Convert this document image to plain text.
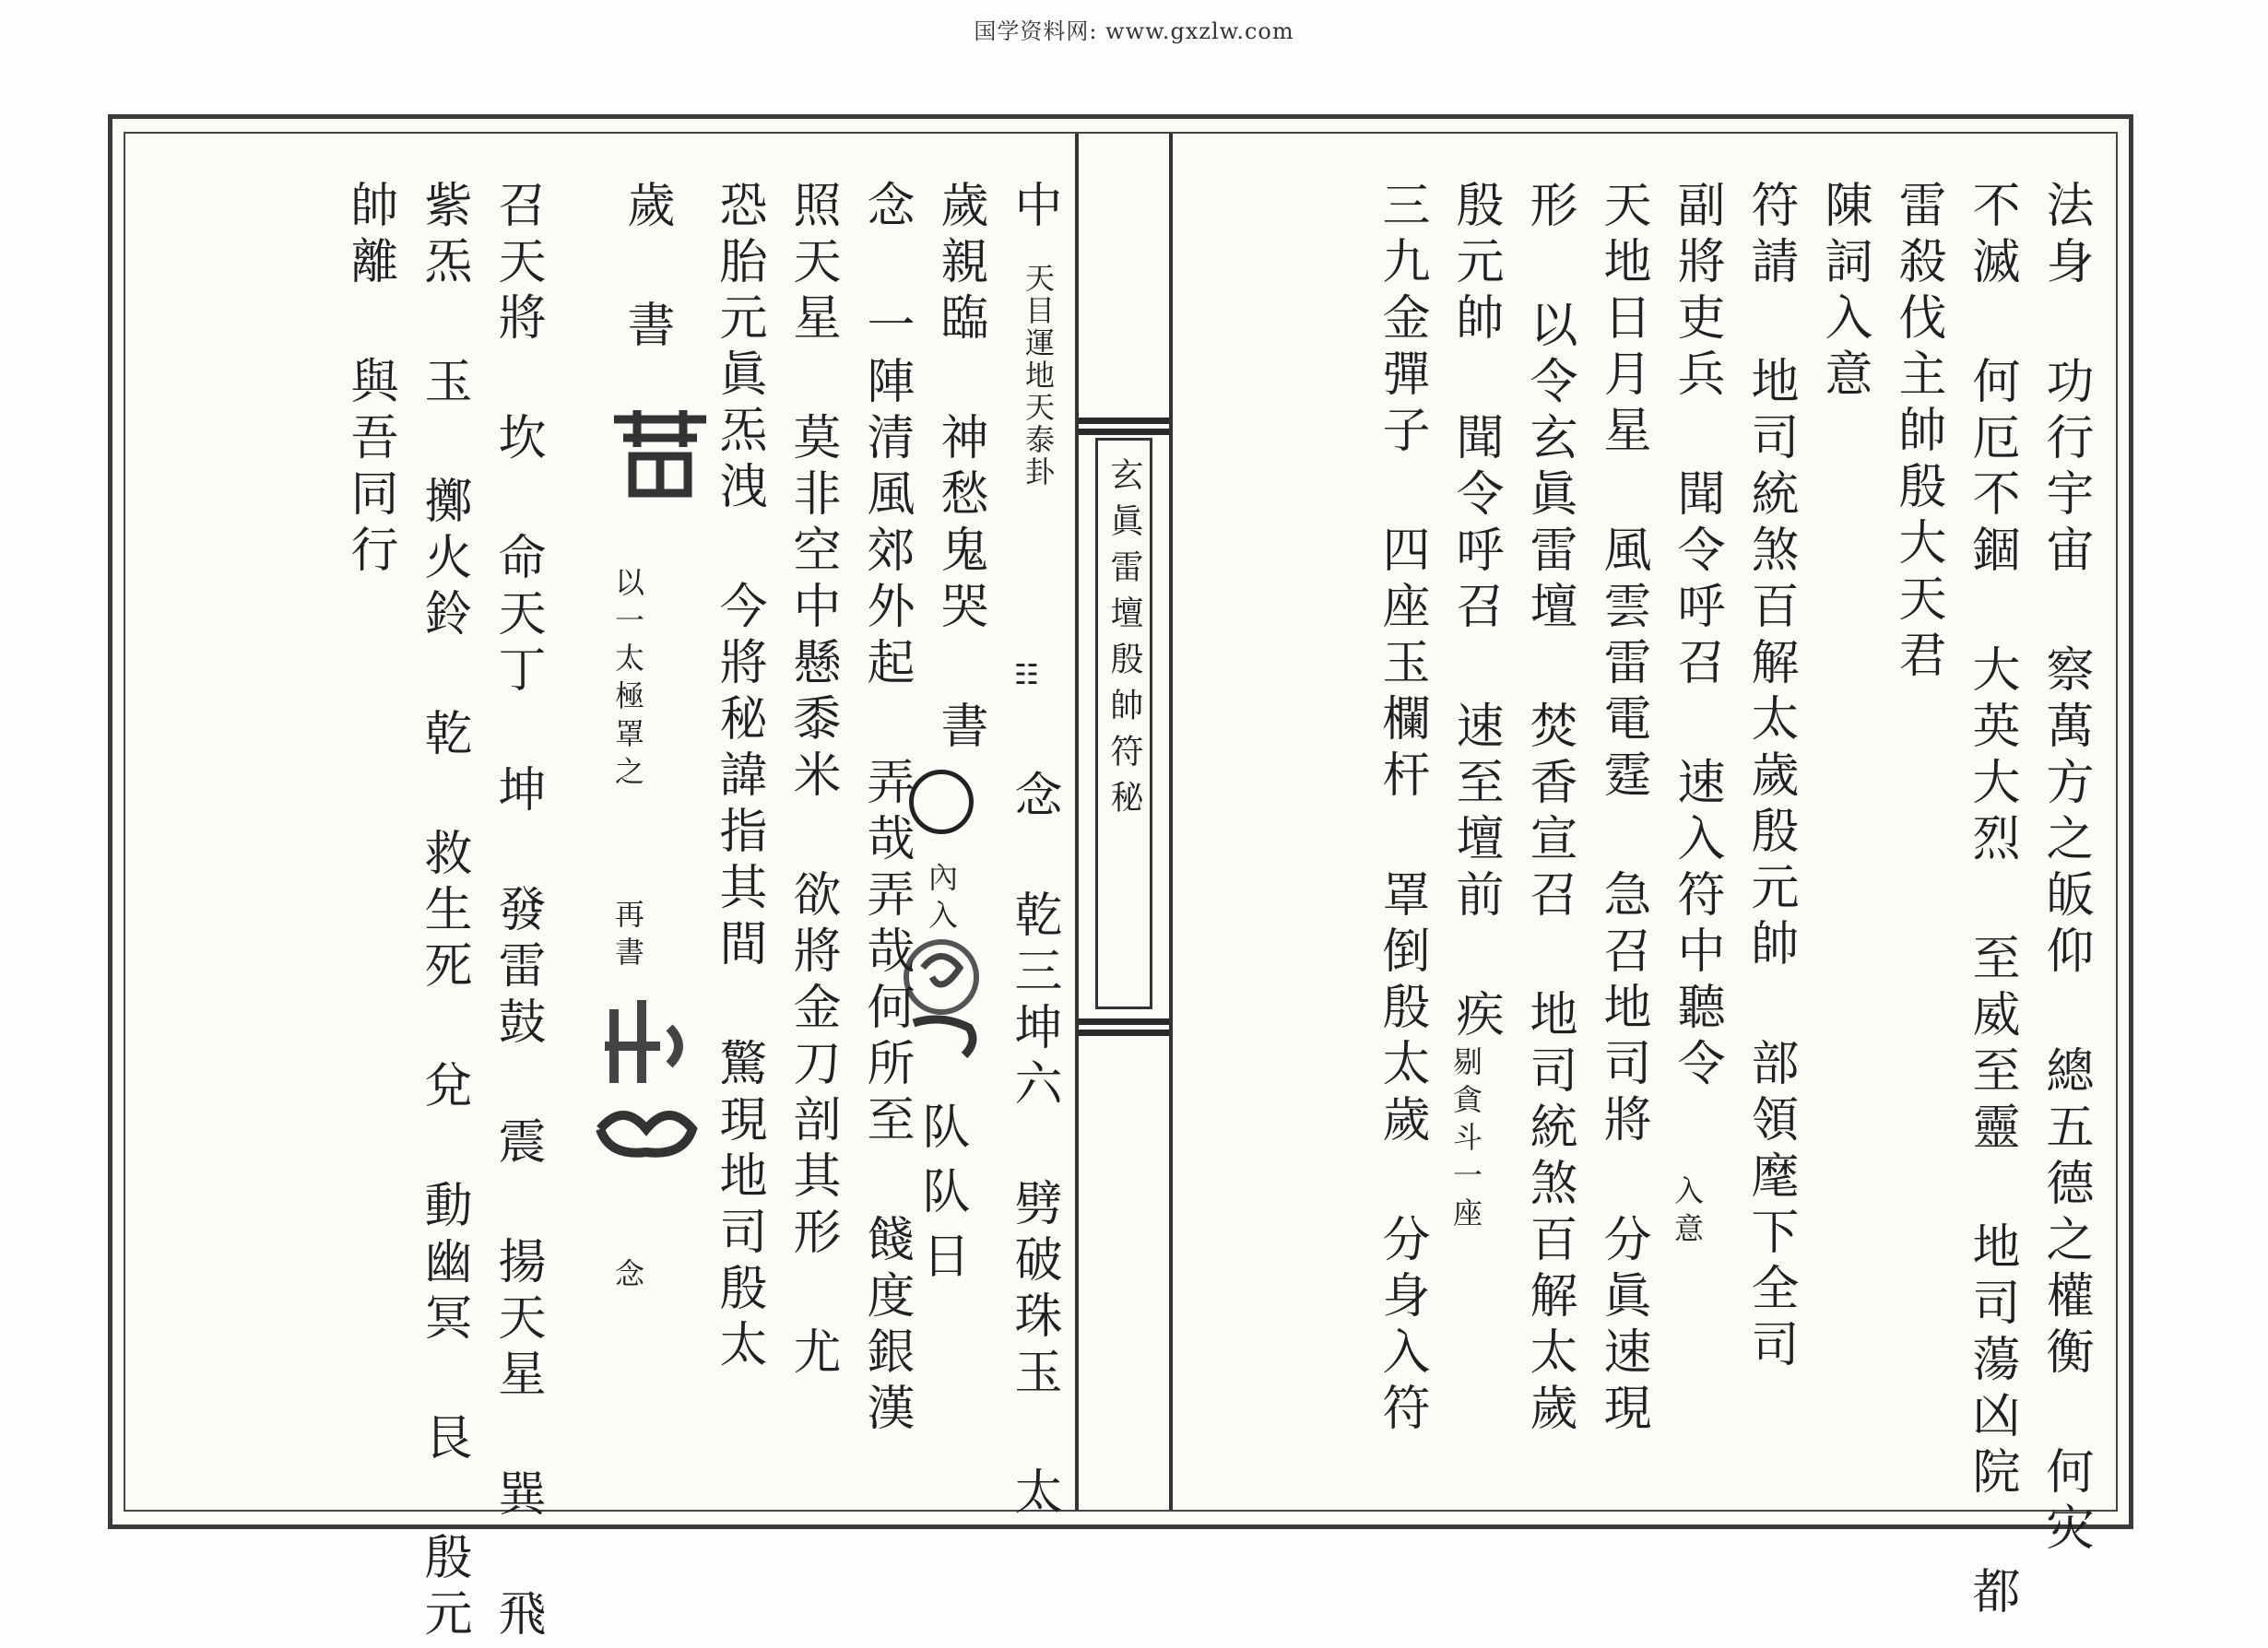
国学资料网: www.gxzlw.com
玄眞雷壇殷帥符秘	法身 功行宇宙 察萬方之皈仰 總五德之權衡 何灾
不滅 何厄不錮 大英大烈 至威至靈 地司蕩凶院 都
雷殺伐主帥殷大天君
陳詞入意
符請 地司統煞百解太歲殷元帥 部領麾下全司
副將吏兵 聞令呼召 速入符中聽令
入意
天地日月星 風雲雷電霆 急召地司將 分眞速現
形 以令玄眞雷壇 焚香宣召 地司統煞百解太歲
殷元帥 聞令呼召 速至壇前 疾
剔貪斗一座
三九金彈子 四座玉欄杆 罩倒殷太歲 分身入符
中
天目運地天泰卦
☷
念 乾三坤六 劈破珠玉 太
歲親臨 神愁鬼哭 書
內入
队
队
日
念 一陣清風郊外起 弄哉弄哉何所至 餞度銀漢
照天星 莫非空中懸黍米 欲將金刀剖其形 尤
恐胎元眞炁洩 今將秘諱指其間 驚現地司殷太
歲 書
以一太極罩之
再書
念
召天將 坎 命天丁 坤 發雷鼓 震 揚天星 巽 飛
紫炁 玉 擲火鈴 乾 救生死 兌 動幽冥 艮 殷元
帥離 與吾同行
